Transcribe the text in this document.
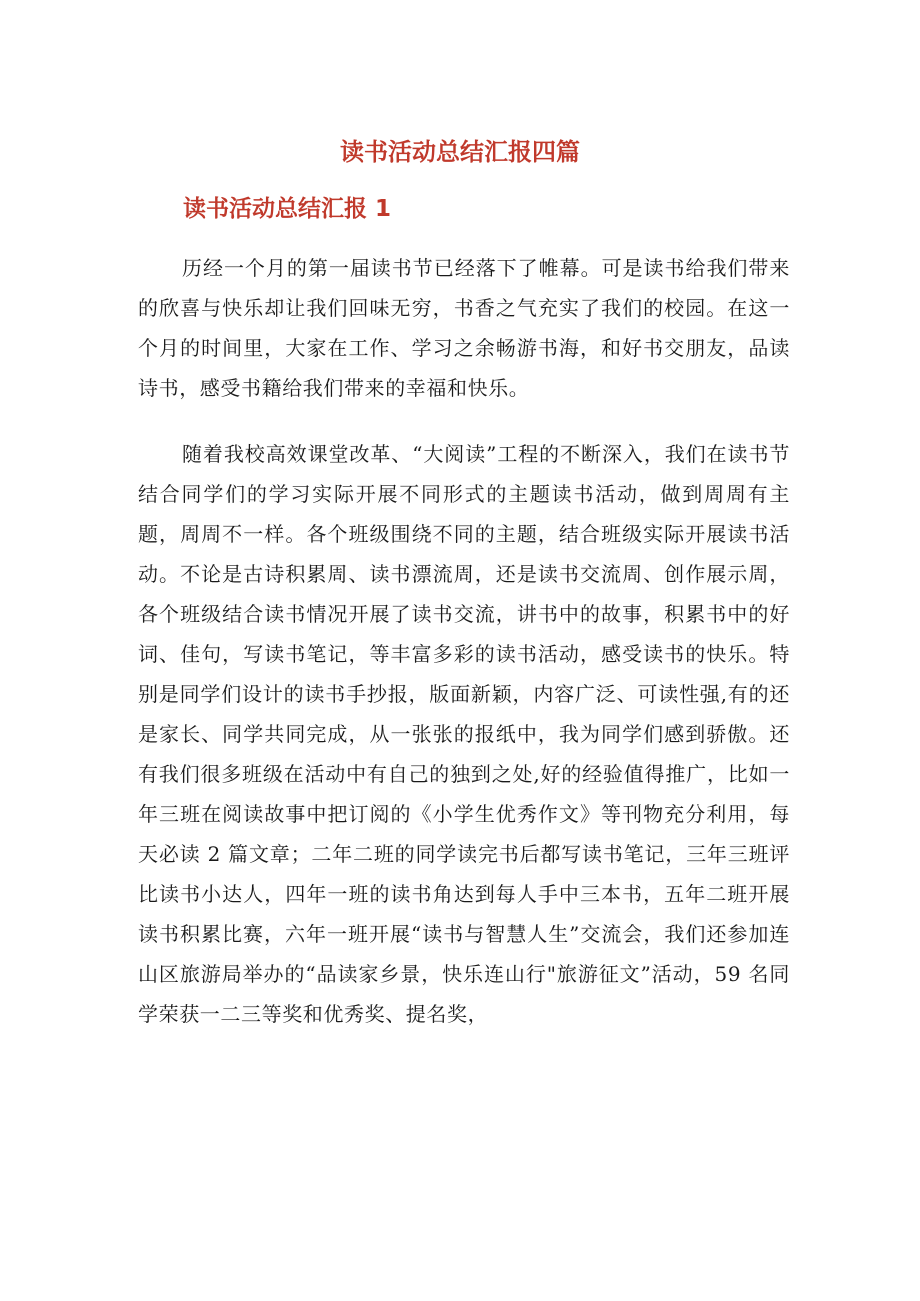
读书活动总结汇报四篇
读书活动总结汇报 1

历经一个月的第一届读书节已经落下了帷幕。可是读书给我们带来的欣喜与快乐却让我们回味无穷，书香之气充实了我们的校园。在这一个月的时间里，大家在工作、学习之余畅游书海，和好书交朋友，品读诗书，感受书籍给我们带来的幸福和快乐。

随着我校高效课堂改革、“大阅读”工程的不断深入，我们在读书节结合同学们的学习实际开展不同形式的主题读书活动，做到周周有主题，周周不一样。各个班级围绕不同的主题，结合班级实际开展读书活动。不论是古诗积累周、读书漂流周，还是读书交流周、创作展示周，各个班级结合读书情况开展了读书交流，讲书中的故事，积累书中的好词、佳句，写读书笔记，等丰富多彩的读书活动，感受读书的快乐。特别是同学们设计的读书手抄报，版面新颖，内容广泛、可读性强,有的还是家长、同学共同完成，从一张张的报纸中，我为同学们感到骄傲。还有我们很多班级在活动中有自己的独到之处,好的经验值得推广，比如一年三班在阅读故事中把订阅的《小学生优秀作文》等刊物充分利用，每天必读 2 篇文章；二年二班的同学读完书后都写读书笔记，三年三班评比读书小达人，四年一班的读书角达到每人手中三本书，五年二班开展读书积累比赛，六年一班开展“读书与智慧人生”交流会，我们还参加连山区旅游局举办的“品读家乡景，快乐连山行"旅游征文”活动，59 名同学荣获一二三等奖和优秀奖、提名奖，
